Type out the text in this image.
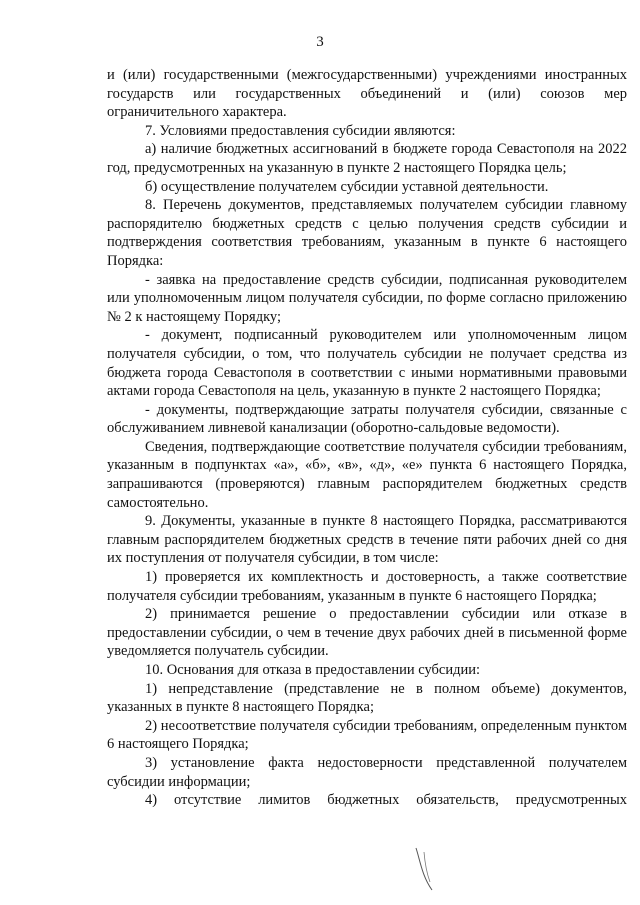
3

и (или) государственными (межгосударственными) учреждениями иностранных государств или государственных объединений и (или) союзов мер ограничительного характера.

7. Условиями предоставления субсидии являются:

а) наличие бюджетных ассигнований в бюджете города Севастополя на 2022 год, предусмотренных на указанную в пункте 2 настоящего Порядка цель;

б) осуществление получателем субсидии уставной деятельности.

8. Перечень документов, представляемых получателем субсидии главному распорядителю бюджетных средств с целью получения средств субсидии и подтверждения соответствия требованиям, указанным в пункте 6 настоящего Порядка:

- заявка на предоставление средств субсидии, подписанная руководителем или уполномоченным лицом получателя субсидии, по форме согласно приложению № 2 к настоящему Порядку;

- документ, подписанный руководителем или уполномоченным лицом получателя субсидии, о том, что получатель субсидии не получает средства из бюджета города Севастополя в соответствии с иными нормативными правовыми актами города Севастополя на цель, указанную в пункте 2 настоящего Порядка;

- документы, подтверждающие затраты получателя субсидии, связанные с обслуживанием ливневой канализации (оборотно-сальдовые ведомости).

Сведения, подтверждающие соответствие получателя субсидии требованиям, указанным в подпунктах «а», «б», «в», «д», «е» пункта 6 настоящего Порядка, запрашиваются (проверяются) главным распорядителем бюджетных средств самостоятельно.

9. Документы, указанные в пункте 8 настоящего Порядка, рассматриваются главным распорядителем бюджетных средств в течение пяти рабочих дней со дня их поступления от получателя субсидии, в том числе:

1) проверяется их комплектность и достоверность, а также соответствие получателя субсидии требованиям, указанным в пункте 6 настоящего Порядка;

2) принимается решение о предоставлении субсидии или отказе в предоставлении субсидии, о чем в течение двух рабочих дней в письменной форме уведомляется получатель субсидии.

10. Основания для отказа в предоставлении субсидии:

1) непредставление (представление не в полном объеме) документов, указанных в пункте 8 настоящего Порядка;

2) несоответствие получателя субсидии требованиям, определенным пунктом 6 настоящего Порядка;

3) установление факта недостоверности представленной получателем субсидии информации;

4) отсутствие лимитов бюджетных обязательств, предусмотренных
